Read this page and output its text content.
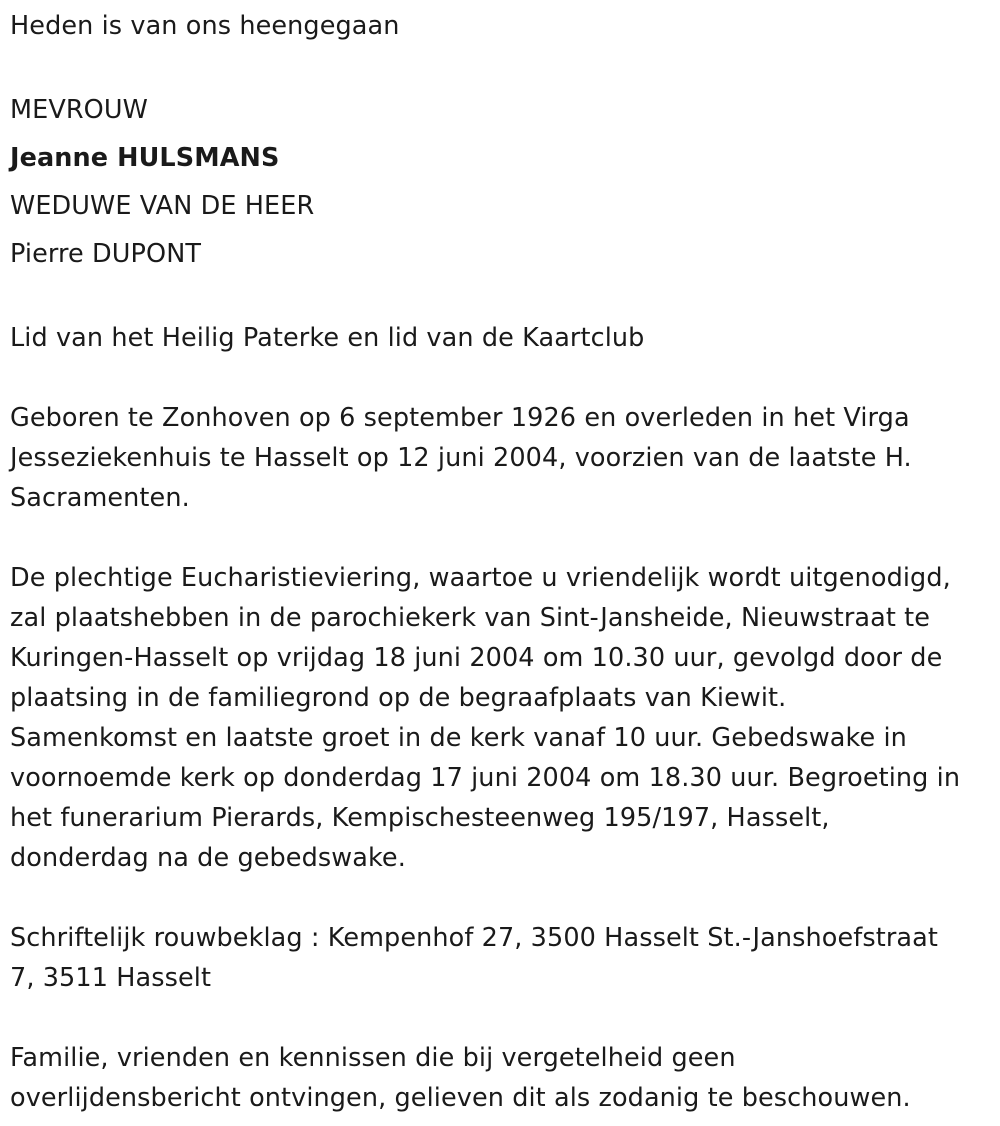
Heden is van ons heengegaan
MEVROUW
Jeanne HULSMANS
WEDUWE VAN DE HEER
Pierre DUPONT
Lid van het Heilig Paterke en lid van de Kaartclub
Geboren te Zonhoven op 6 september 1926 en overleden in het Virga
Jesseziekenhuis te Hasselt op 12 juni 2004, voorzien van de laatste H.
Sacramenten.
De plechtige Eucharistieviering, waartoe u vriendelijk wordt uitgenodigd,
zal plaatshebben in de parochiekerk van Sint-Jansheide, Nieuwstraat te
Kuringen-Hasselt op vrijdag 18 juni 2004 om 10.30 uur, gevolgd door de
plaatsing in de familiegrond op de begraafplaats van Kiewit.
Samenkomst en laatste groet in de kerk vanaf 10 uur. Gebedswake in
voornoemde kerk op donderdag 17 juni 2004 om 18.30 uur. Begroeting in
het funerarium Pierards, Kempischesteenweg 195/197, Hasselt,
donderdag na de gebedswake.
Schriftelijk rouwbeklag : Kempenhof 27, 3500 Hasselt St.-Janshoefstraat
7, 3511 Hasselt
Familie, vrienden en kennissen die bij vergetelheid geen
overlijdensbericht ontvingen, gelieven dit als zodanig te beschouwen.
